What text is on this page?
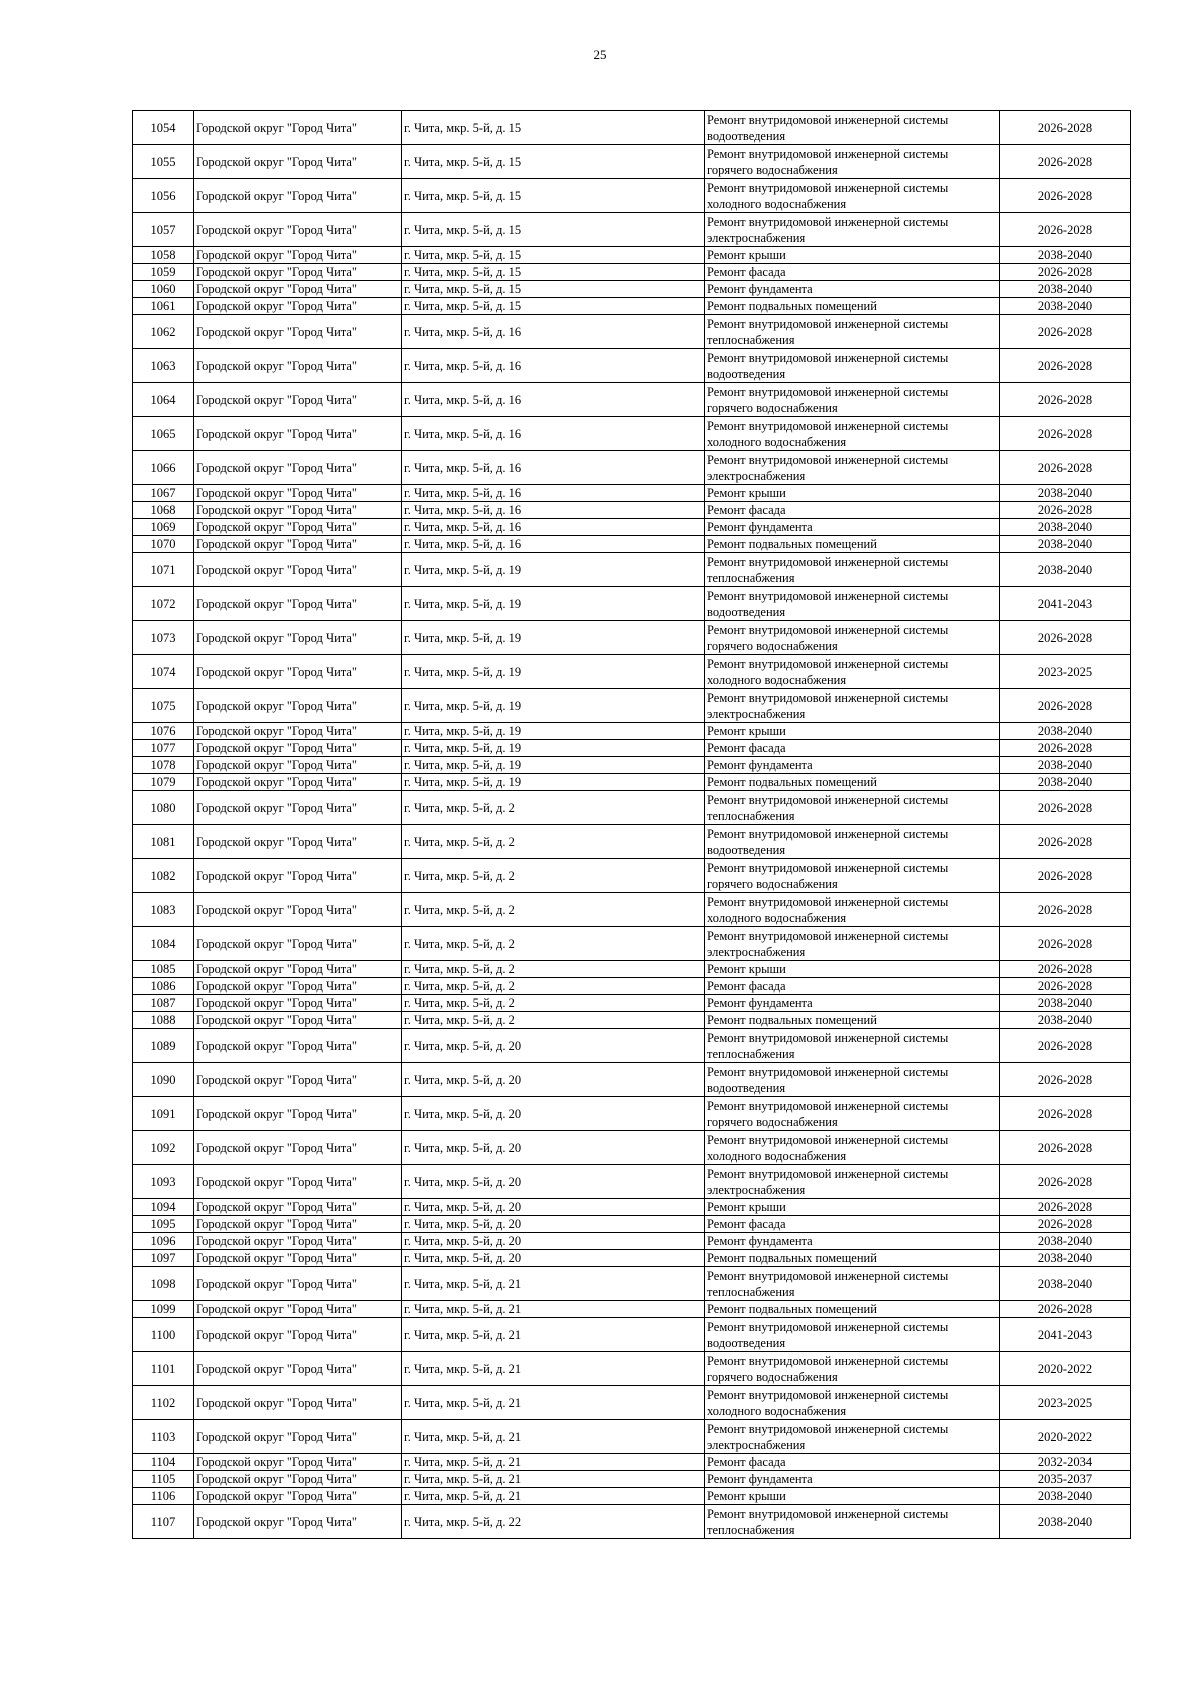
25
1054	Городской округ "Город Чита"	г. Чита, мкр. 5-й, д. 15	Ремонт внутридомовой инженерной системы водоотведения	2026-2028
1055	Городской округ "Город Чита"	г. Чита, мкр. 5-й, д. 15	Ремонт внутридомовой инженерной системы горячего водоснабжения	2026-2028
1056	Городской округ "Город Чита"	г. Чита, мкр. 5-й, д. 15	Ремонт внутридомовой инженерной системы холодного водоснабжения	2026-2028
1057	Городской округ "Город Чита"	г. Чита, мкр. 5-й, д. 15	Ремонт внутридомовой инженерной системы электроснабжения	2026-2028
1058	Городской округ "Город Чита"	г. Чита, мкр. 5-й, д. 15	Ремонт крыши	2038-2040
1059	Городской округ "Город Чита"	г. Чита, мкр. 5-й, д. 15	Ремонт фасада	2026-2028
1060	Городской округ "Город Чита"	г. Чита, мкр. 5-й, д. 15	Ремонт фундамента	2038-2040
1061	Городской округ "Город Чита"	г. Чита, мкр. 5-й, д. 15	Ремонт подвальных помещений	2038-2040
1062	Городской округ "Город Чита"	г. Чита, мкр. 5-й, д. 16	Ремонт внутридомовой инженерной системы теплоснабжения	2026-2028
1063	Городской округ "Город Чита"	г. Чита, мкр. 5-й, д. 16	Ремонт внутридомовой инженерной системы водоотведения	2026-2028
1064	Городской округ "Город Чита"	г. Чита, мкр. 5-й, д. 16	Ремонт внутридомовой инженерной системы горячего водоснабжения	2026-2028
1065	Городской округ "Город Чита"	г. Чита, мкр. 5-й, д. 16	Ремонт внутридомовой инженерной системы холодного водоснабжения	2026-2028
1066	Городской округ "Город Чита"	г. Чита, мкр. 5-й, д. 16	Ремонт внутридомовой инженерной системы электроснабжения	2026-2028
1067	Городской округ "Город Чита"	г. Чита, мкр. 5-й, д. 16	Ремонт крыши	2038-2040
1068	Городской округ "Город Чита"	г. Чита, мкр. 5-й, д. 16	Ремонт фасада	2026-2028
1069	Городской округ "Город Чита"	г. Чита, мкр. 5-й, д. 16	Ремонт фундамента	2038-2040
1070	Городской округ "Город Чита"	г. Чита, мкр. 5-й, д. 16	Ремонт подвальных помещений	2038-2040
1071	Городской округ "Город Чита"	г. Чита, мкр. 5-й, д. 19	Ремонт внутридомовой инженерной системы теплоснабжения	2038-2040
1072	Городской округ "Город Чита"	г. Чита, мкр. 5-й, д. 19	Ремонт внутридомовой инженерной системы водоотведения	2041-2043
1073	Городской округ "Город Чита"	г. Чита, мкр. 5-й, д. 19	Ремонт внутридомовой инженерной системы горячего водоснабжения	2026-2028
1074	Городской округ "Город Чита"	г. Чита, мкр. 5-й, д. 19	Ремонт внутридомовой инженерной системы холодного водоснабжения	2023-2025
1075	Городской округ "Город Чита"	г. Чита, мкр. 5-й, д. 19	Ремонт внутридомовой инженерной системы электроснабжения	2026-2028
1076	Городской округ "Город Чита"	г. Чита, мкр. 5-й, д. 19	Ремонт крыши	2038-2040
1077	Городской округ "Город Чита"	г. Чита, мкр. 5-й, д. 19	Ремонт фасада	2026-2028
1078	Городской округ "Город Чита"	г. Чита, мкр. 5-й, д. 19	Ремонт фундамента	2038-2040
1079	Городской округ "Город Чита"	г. Чита, мкр. 5-й, д. 19	Ремонт подвальных помещений	2038-2040
1080	Городской округ "Город Чита"	г. Чита, мкр. 5-й, д. 2	Ремонт внутридомовой инженерной системы теплоснабжения	2026-2028
1081	Городской округ "Город Чита"	г. Чита, мкр. 5-й, д. 2	Ремонт внутридомовой инженерной системы водоотведения	2026-2028
1082	Городской округ "Город Чита"	г. Чита, мкр. 5-й, д. 2	Ремонт внутридомовой инженерной системы горячего водоснабжения	2026-2028
1083	Городской округ "Город Чита"	г. Чита, мкр. 5-й, д. 2	Ремонт внутридомовой инженерной системы холодного водоснабжения	2026-2028
1084	Городской округ "Город Чита"	г. Чита, мкр. 5-й, д. 2	Ремонт внутридомовой инженерной системы электроснабжения	2026-2028
1085	Городской округ "Город Чита"	г. Чита, мкр. 5-й, д. 2	Ремонт крыши	2026-2028
1086	Городской округ "Город Чита"	г. Чита, мкр. 5-й, д. 2	Ремонт фасада	2026-2028
1087	Городской округ "Город Чита"	г. Чита, мкр. 5-й, д. 2	Ремонт фундамента	2038-2040
1088	Городской округ "Город Чита"	г. Чита, мкр. 5-й, д. 2	Ремонт подвальных помещений	2038-2040
1089	Городской округ "Город Чита"	г. Чита, мкр. 5-й, д. 20	Ремонт внутридомовой инженерной системы теплоснабжения	2026-2028
1090	Городской округ "Город Чита"	г. Чита, мкр. 5-й, д. 20	Ремонт внутридомовой инженерной системы водоотведения	2026-2028
1091	Городской округ "Город Чита"	г. Чита, мкр. 5-й, д. 20	Ремонт внутридомовой инженерной системы горячего водоснабжения	2026-2028
1092	Городской округ "Город Чита"	г. Чита, мкр. 5-й, д. 20	Ремонт внутридомовой инженерной системы холодного водоснабжения	2026-2028
1093	Городской округ "Город Чита"	г. Чита, мкр. 5-й, д. 20	Ремонт внутридомовой инженерной системы электроснабжения	2026-2028
1094	Городской округ "Город Чита"	г. Чита, мкр. 5-й, д. 20	Ремонт крыши	2026-2028
1095	Городской округ "Город Чита"	г. Чита, мкр. 5-й, д. 20	Ремонт фасада	2026-2028
1096	Городской округ "Город Чита"	г. Чита, мкр. 5-й, д. 20	Ремонт фундамента	2038-2040
1097	Городской округ "Город Чита"	г. Чита, мкр. 5-й, д. 20	Ремонт подвальных помещений	2038-2040
1098	Городской округ "Город Чита"	г. Чита, мкр. 5-й, д. 21	Ремонт внутридомовой инженерной системы теплоснабжения	2038-2040
1099	Городской округ "Город Чита"	г. Чита, мкр. 5-й, д. 21	Ремонт подвальных помещений	2026-2028
1100	Городской округ "Город Чита"	г. Чита, мкр. 5-й, д. 21	Ремонт внутридомовой инженерной системы водоотведения	2041-2043
1101	Городской округ "Город Чита"	г. Чита, мкр. 5-й, д. 21	Ремонт внутридомовой инженерной системы горячего водоснабжения	2020-2022
1102	Городской округ "Город Чита"	г. Чита, мкр. 5-й, д. 21	Ремонт внутридомовой инженерной системы холодного водоснабжения	2023-2025
1103	Городской округ "Город Чита"	г. Чита, мкр. 5-й, д. 21	Ремонт внутридомовой инженерной системы электроснабжения	2020-2022
1104	Городской округ "Город Чита"	г. Чита, мкр. 5-й, д. 21	Ремонт фасада	2032-2034
1105	Городской округ "Город Чита"	г. Чита, мкр. 5-й, д. 21	Ремонт фундамента	2035-2037
1106	Городской округ "Город Чита"	г. Чита, мкр. 5-й, д. 21	Ремонт крыши	2038-2040
1107	Городской округ "Город Чита"	г. Чита, мкр. 5-й, д. 22	Ремонт внутридомовой инженерной системы теплоснабжения	2038-2040
